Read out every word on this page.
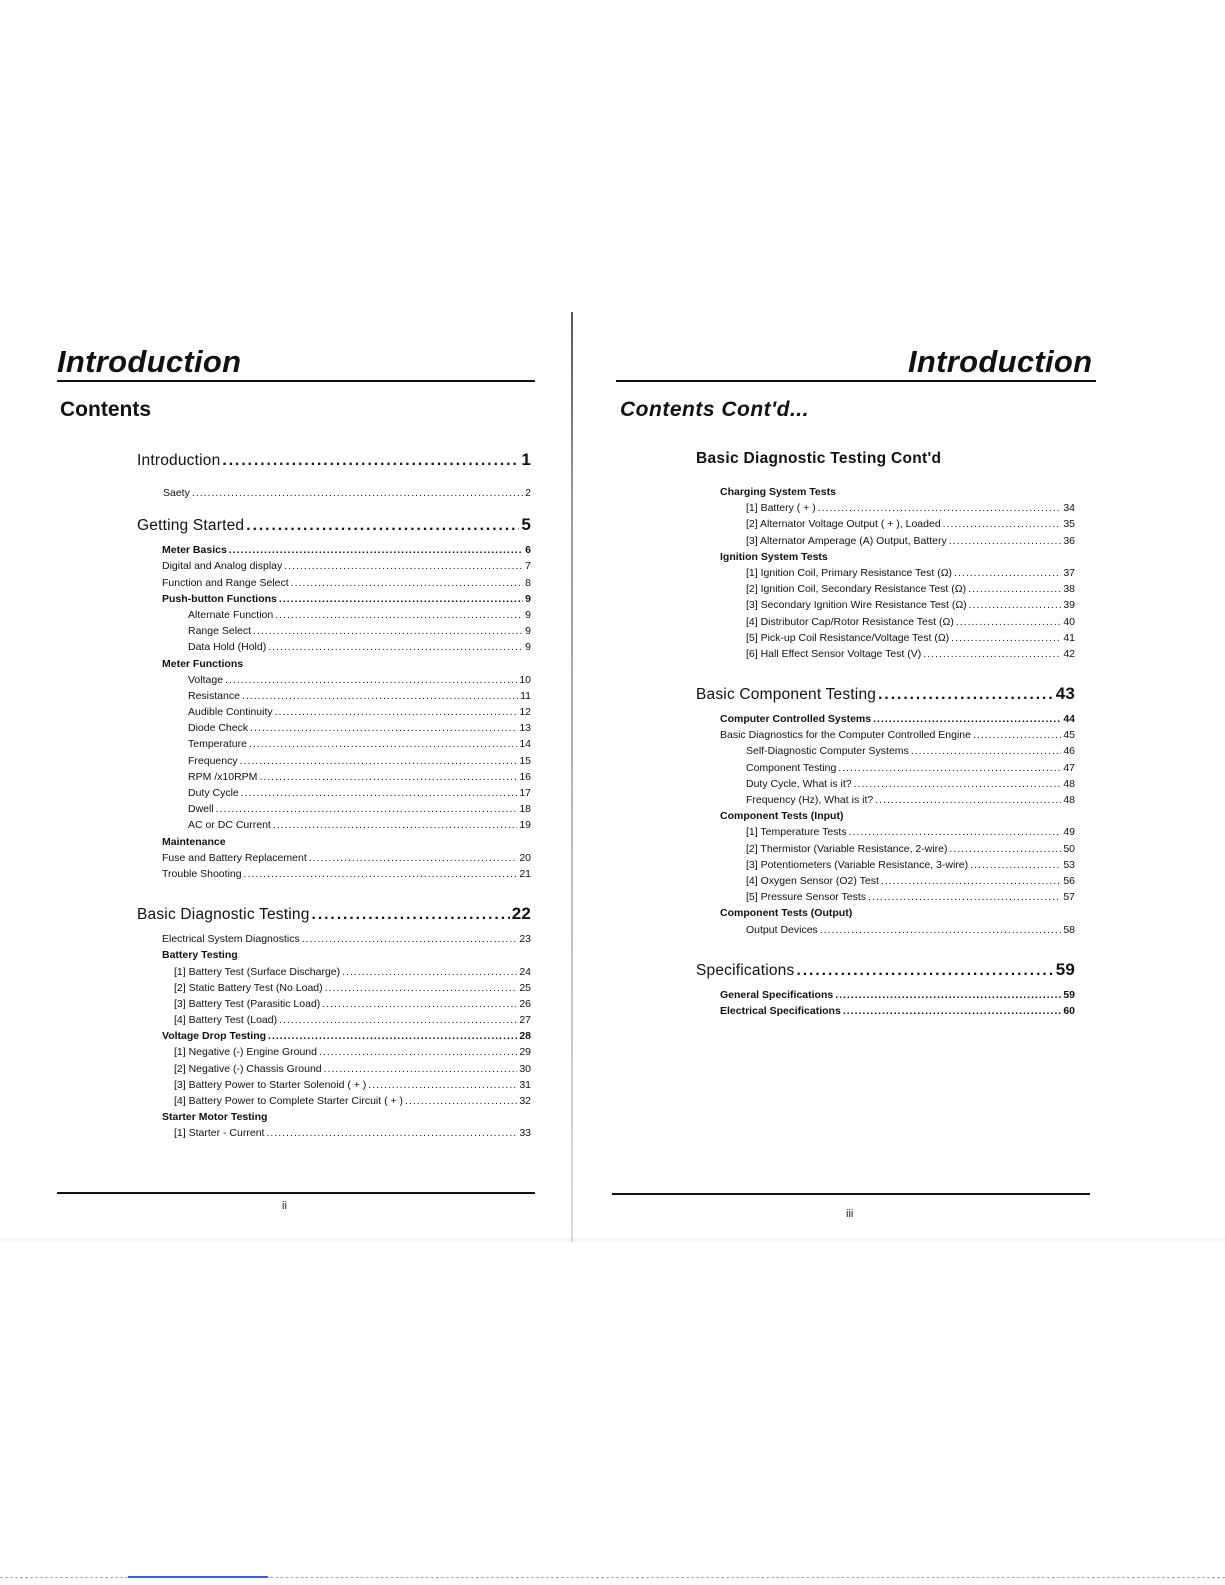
Introduction
Contents
Introduction .....	1
Saety .....	2
Getting Started .....	5
Meter Basics .....	6
Digital and Analog display .....	7
Function and Range Select .....	8
Push-button Functions .....	9
Alternate Function .....	9
Range Select .....	9
Data Hold (Hold) .....	9
Meter Functions
Voltage .....	10
Resistance .....	11
Audible Continuity .....	12
Diode Check .....	13
Temperature .....	14
Frequency .....	15
RPM /x10RPM .....	16
Duty Cycle .....	17
Dwell .....	18
AC or DC Current .....	19
Maintenance
Fuse and Battery Replacement .....	20
Trouble Shooting .....	21
Basic Diagnostic Testing .....	22
Electrical System Diagnostics .....	23
Battery Testing
[1] Battery Test (Surface Discharge) .....	24
[2] Static Battery Test (No Load) .....	25
[3] Battery Test (Parasitic Load) .....	26
[4] Battery Test (Load) .....	27
Voltage Drop Testing .....	28
[1] Negative (-) Engine Ground .....	29
[2] Negative (-) Chassis Ground .....	30
[3] Battery Power to Starter Solenoid ( + ) .....	31
[4] Battery Power to Complete Starter Circuit ( + ) .....	32
Starter Motor Testing
[1] Starter - Current .....	33
ii
Introduction
Contents Cont'd...
Basic Diagnostic Testing Cont'd
Charging System Tests
[1] Battery ( + ) .....	34
[2] Alternator Voltage Output ( + ), Loaded .....	35
[3] Alternator Amperage (A) Output, Battery .....	36
Ignition System Tests
[1] Ignition Coil, Primary Resistance Test (Ω) .....	37
[2] Ignition Coil, Secondary Resistance Test (Ω) .....	38
[3] Secondary Ignition Wire Resistance Test (Ω) .....	39
[4] Distributor Cap/Rotor Resistance Test (Ω) .....	40
[5] Pick-up Coil Resistance/Voltage Test (Ω) .....	41
[6] Hall Effect Sensor Voltage Test (V) .....	42
Basic Component Testing .....	43
Computer Controlled Systems .....	44
Basic Diagnostics for the Computer Controlled Engine .....	45
Self-Diagnostic Computer Systems .....	46
Component Testing .....	47
Duty Cycle, What is it? .....	48
Frequency (Hz), What is it? .....	48
Component Tests (Input)
[1] Temperature Tests .....	49
[2] Thermistor (Variable Resistance, 2-wire) .....	50
[3] Potentiometers (Variable Resistance, 3-wire) .....	53
[4] Oxygen Sensor (O2) Test .....	56
[5] Pressure Sensor Tests .....	57
Component Tests (Output)
Output Devices .....	58
Specifications .....	59
General Specifications .....	59
Electrical Specifications .....	60
iii
